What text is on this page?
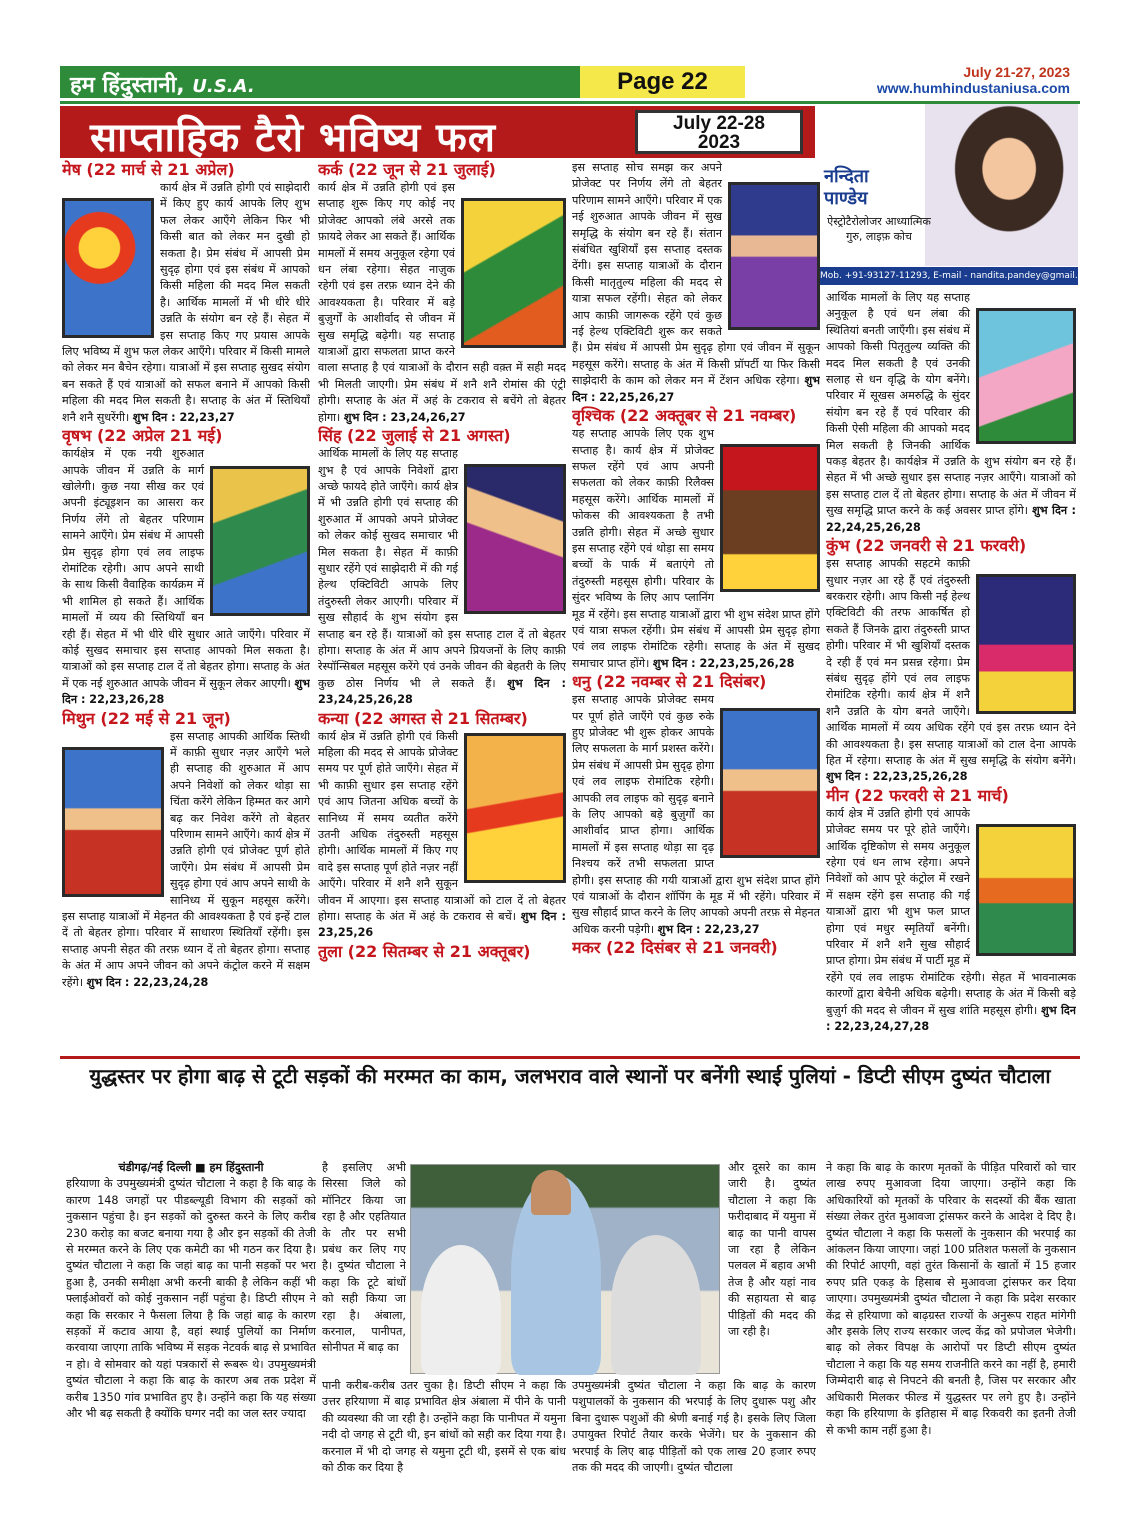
हम हिंदुस्तानी, U.S.A.	Page 22	July 21-27, 2023
www.humhindustaniusa.com
साप्ताहिक टैरो भविष्य फल	July 22-28
2023
नन्दिता
पाण्डेय
ऐस्ट्रोटैरोलोजर आध्यात्मिक गुरु, लाइफ़ कोच
Mob. +91-93127-11293, E-mail - nandita.pandey@gmail.com
मेष (22 मार्च से 21 अप्रेल)
कार्य क्षेत्र में उन्नति होगी एवं साझेदारी में किए हुए कार्य आपके लिए शुभ फल लेकर आएँगे लेकिन फिर भी किसी बात को लेकर मन दुखी हो सकता है। प्रेम संबंध में आपसी प्रेम सुदृढ़ होगा एवं इस संबंध में आपको किसी महिला की मदद मिल सकती है। आर्थिक मामलों में भी धीरे धीरे उन्नति के संयोग बन रहे हैं। सेहत में इस सप्ताह किए गए प्रयास आपके लिए भविष्य में शुभ फल लेकर आएँगे। परिवार में किसी मामले को लेकर मन बैचेन रहेगा। यात्राओं में इस सप्ताह सुखद संयोग बन सकते हैं एवं यात्राओं को सफल बनाने में आपको किसी महिला की मदद मिल सकती है। सप्ताह के अंत में स्तिथियाँ शनै शनै सुधरेंगी। शुभ दिन : 22,23,27
वृषभ (22 अप्रेल 21 मई)
कार्यक्षेत्र में एक नयी शुरुआत आपके जीवन में उन्नति के मार्ग खोलेगी। कुछ नया सीख कर एवं अपनी इंट्यूइशन का आसरा कर निर्णय लेंगे तो बेहतर परिणाम सामने आएँगे। प्रेम संबंध में आपसी प्रेम सुदृढ़ होगा एवं लव लाइफ रोमांटिक रहेगी। आप अपने साथी के साथ किसी वैवाहिक कार्यक्रम में भी शामिल हो सकते हैं। आर्थिक मामलों में व्यय की स्तिथियाँ बन रही हैं। सेहत में भी धीरे धीरे सुधार आते जाएँगे। परिवार में कोई सुखद समाचार इस सप्ताह आपको मिल सकता है। यात्राओं को इस सप्ताह टाल दें तो बेहतर होगा। सप्ताह के अंत में एक नई शुरुआत आपके जीवन में सुकून लेकर आएगी। शुभ दिन : 22,23,26,28
मिथुन (22 मई से 21 जून)
इस सप्ताह आपकी आर्थिक स्तिथी में काफ़ी सुधार नज़र आएँगे भले ही सप्ताह की शुरुआत में आप अपने निवेशों को लेकर थोड़ा सा चिंता करेंगे लेकिन हिम्मत कर आगे बढ़ कर निवेश करेंगे तो बेहतर परिणाम सामने आएँगे। कार्य क्षेत्र में उन्नति होगी एवं प्रोजेक्ट पूर्ण होते जाएँगे। प्रेम संबंध में आपसी प्रेम सुदृढ़ होगा एवं आप अपने साथी के सानिध्य में सुकून महसूस करेंगे। इस सप्ताह यात्राओं में मेहनत की आवश्यकता है एवं इन्हें टाल दें तो बेहतर होगा। परिवार में साधारण स्थितियाँ रहेंगी। इस सप्ताह अपनी सेहत की तरफ़ ध्यान दें तो बेहतर होगा। सप्ताह के अंत में आप अपने जीवन को अपने कंट्रोल करने में सक्षम रहेंगे। शुभ दिन : 22,23,24,28
कर्क (22 जून से 21 जुलाई)
कार्य क्षेत्र में उन्नति होगी एवं इस सप्ताह शुरू किए गए कोई नए प्रोजेक्ट आपको लंबे अरसे तक फ़ायदे लेकर आ सकते हैं। आर्थिक मामलों में समय अनुकूल रहेगा एवं धन लंबा रहेगा। सेहत नाज़ुक रहेगी एवं इस तरफ़ ध्यान देने की आवश्यकता है। परिवार में बड़े बुज़ुर्गों के आशीर्वाद से जीवन में सुख समृद्धि बढ़ेगी। यह सप्ताह यात्राओं द्वारा सफलता प्राप्त करने वाला सप्ताह है एवं यात्राओं के दौरान सही वक़्त में सही मदद भी मिलती जाएगी। प्रेम संबंध में शनै शनै रोमांस की एंट्री होगी। सप्ताह के अंत में अहं के टकराव से बचेंगे तो बेहतर होगा। शुभ दिन : 23,24,26,27
सिंह (22 जुलाई से 21 अगस्त)
आर्थिक मामलों के लिए यह सप्ताह शुभ है एवं आपके निवेशों द्वारा अच्छे फायदे होते जाएँगे। कार्य क्षेत्र में भी उन्नति होगी एवं सप्ताह की शुरुआत में आपको अपने प्रोजेक्ट को लेकर कोई सुखद समाचार भी मिल सकता है। सेहत में काफ़ी सुधार रहेंगे एवं साझेदारी में की गई हेल्थ एक्टिविटी आपके लिए तंदुरुस्ती लेकर आएगी। परिवार में सुख सौहार्द के शुभ संयोग इस सप्ताह बन रहे हैं। यात्राओं को इस सप्ताह टाल दें तो बेहतर होगा। सप्ताह के अंत में आप अपने प्रियजनों के लिए काफ़ी रेस्पॉन्सिबल महसूस करेंगे एवं उनके जीवन की बेहतरी के लिए कुछ ठोस निर्णय भी ले सकते हैं। शुभ दिन : 23,24,25,26,28
कन्या (22 अगस्त से 21 सितम्बर)
कार्य क्षेत्र में उन्नति होगी एवं किसी महिला की मदद से आपके प्रोजेक्ट समय पर पूर्ण होते जाएँगे। सेहत में भी काफ़ी सुधार इस सप्ताह रहेंगे एवं आप जितना अधिक बच्चों के सानिध्य में समय व्यतीत करेंगे उतनी अधिक तंदुरुस्ती महसूस होगी। आर्थिक मामलों में किए गए वादे इस सप्ताह पूर्ण होते नज़र नहीं आएँगे। परिवार में शनै शनै सुकून जीवन में आएगा। इस सप्ताह यात्राओं को टाल दें तो बेहतर होगा। सप्ताह के अंत में अहं के टकराव से बचें। शुभ दिन : 23,25,26
तुला (22 सितम्बर से 21 अक्तूबर)
इस सप्ताह सोच समझ कर अपने प्रोजेक्ट पर निर्णय लेंगे तो बेहतर परिणाम सामने आएँगे। परिवार में एक नई शुरुआत आपके जीवन में सुख समृद्धि के संयोग बन रहे हैं। संतान संबंधित खुशियाँ इस सप्ताह दस्तक देंगी। इस सप्ताह यात्राओं के दौरान किसी मातृतुल्य महिला की मदद से यात्रा सफल रहेंगी। सेहत को लेकर आप काफ़ी जागरूक रहेंगे एवं कुछ नई हेल्थ एक्टिविटी शुरू कर सकते हैं। प्रेम संबंध में आपसी प्रेम सुदृढ़ होगा एवं जीवन में सुकून महसूस करेंगे। सप्ताह के अंत में किसी प्रॉपर्टी या फिर किसी साझेदारी के काम को लेकर मन में टेंशन अधिक रहेगा। शुभ दिन : 22,25,26,27
वृश्चिक (22 अक्तूबर से 21 नवम्बर)
यह सप्ताह आपके लिए एक शुभ सप्ताह है। कार्य क्षेत्र में प्रोजेक्ट सफल रहेंगे एवं आप अपनी सफलता को लेकर काफ़ी रिलैक्स महसूस करेंगे। आर्थिक मामलों में फोकस की आवश्यकता है तभी उन्नति होगी। सेहत में अच्छे सुधार इस सप्ताह रहेंगे एवं थोड़ा सा समय बच्चों के पार्क में बताएंगे तो तंदुरुस्ती महसूस होगी। परिवार के सुंदर भविष्य के लिए आप प्लानिंग मूड में रहेंगे। इस सप्ताह यात्राओं द्वारा भी शुभ संदेश प्राप्त होंगे एवं यात्रा सफल रहेंगी। प्रेम संबंध में आपसी प्रेम सुदृढ़ होगा एवं लव लाइफ रोमांटिक रहेगी। सप्ताह के अंत में सुखद समाचार प्राप्त होंगे। शुभ दिन : 22,23,25,26,28
धनु (22 नवम्बर से 21 दिसंबर)
इस सप्ताह आपके प्रोजेक्ट समय पर पूर्ण होते जाएँगे एवं कुछ रुके हुए प्रोजेक्ट भी शुरू होकर आपके लिए सफलता के मार्ग प्रशस्त करेंगे। प्रेम संबंध में आपसी प्रेम सुदृढ़ होगा एवं लव लाइफ रोमांटिक रहेगी। आपकी लव लाइफ को सुदृढ़ बनाने के लिए आपको बड़े बुज़ुर्गों का आशीर्वाद प्राप्त होगा। आर्थिक मामलों में इस सप्ताह थोड़ा सा दृढ़ निश्चय करें तभी सफलता प्राप्त होगी। इस सप्ताह की गयी यात्राओं द्वारा शुभ संदेश प्राप्त होंगे एवं यात्राओं के दौरान शॉपिंग के मूड में भी रहेंगे। परिवार में सुख सौहार्द प्राप्त करने के लिए आपको अपनी तरफ़ से मेहनत अधिक करनी पड़ेगी। शुभ दिन : 22,23,27
मकर (22 दिसंबर से 21 जनवरी)
आर्थिक मामलों के लिए यह सप्ताह अनुकूल है एवं धन लंबा की स्थितियां बनती जाएँगी। इस संबंध में आपको किसी पितृतुल्य व्यक्ति की मदद मिल सकती है एवं उनकी सलाह से धन वृद्धि के योग बनेंगे। परिवार में सूखस अमरुद्धि के सुंदर संयोग बन रहे हैं एवं परिवार की किसी ऐसी महिला की आपको मदद मिल सकती है जिनकी आर्थिक पकड़ बेहतर है। कार्यक्षेत्र में उन्नति के शुभ संयोग बन रहे हैं। सेहत में भी अच्छे सुधार इस सप्ताह नज़र आएँगे। यात्राओं को इस सप्ताह टाल दें तो बेहतर होगा। सप्ताह के अंत में जीवन में सुख समृद्धि प्राप्त करने के कई अवसर प्राप्त होंगे। शुभ दिन : 22,24,25,26,28
कुंभ (22 जनवरी से 21 फरवरी)
इस सप्ताह आपकी सहटमे काफ़ी सुधार नज़र आ रहे हैं एवं तंदुरुस्ती बरकरार रहेगी। आप किसी नई हेल्थ एक्टिविटी की तरफ आकर्षित हो सकते हैं जिनके द्वारा तंदुरुस्ती प्राप्त होगी। परिवार में भी खुशियाँ दस्तक दे रही हैं एवं मन प्रसन्न रहेगा। प्रेम संबंध सुदृढ़ होंगे एवं लव लाइफ रोमांटिक रहेगी। कार्य क्षेत्र में शनै शनै उन्नति के योग बनते जाएँगे। आर्थिक मामलों में व्यय अधिक रहेंगे एवं इस तरफ़ ध्यान देने की आवश्यकता है। इस सप्ताह यात्राओं को टाल देना आपके हित में रहेगा। सप्ताह के अंत में सुख समृद्धि के संयोग बनेंगे। शुभ दिन : 22,23,25,26,28
मीन (22 फरवरी से 21 मार्च)
कार्य क्षेत्र में उन्नति होगी एवं आपके प्रोजेक्ट समय पर पूरे होते जाएँगे। आर्थिक दृष्टिकोण से समय अनुकूल रहेगा एवं धन लाभ रहेगा। अपने निवेशों को आप पूरे कंट्रोल में रखने में सक्षम रहेंगे इस सप्ताह की गई यात्राओं द्वारा भी शुभ फल प्राप्त होगा एवं मधुर स्मृतियाँ बनेंगी। परिवार में शनै शनै सुख सौहार्द प्राप्त होगा। प्रेम संबंध में पार्टी मूड में रहेंगे एवं लव लाइफ रोमांटिक रहेगी। सेहत में भावनात्मक कारणों द्वारा बेचैनी अधिक बढ़ेगी। सप्ताह के अंत में किसी बड़े बुज़ुर्ग की मदद से जीवन में सुख शांति महसूस होगी। शुभ दिन : 22,23,24,27,28
युद्धस्तर पर होगा बाढ़ से टूटी सड़कों की मरम्मत का काम, जलभराव वाले स्थानों पर बनेंगी स्थाई पुलियां - डिप्टी सीएम दुष्यंत चौटाला
चंडीगढ़/नई दिल्ली ■ हम हिंदुस्तानी
हरियाणा के उपमुख्यमंत्री दुष्यंत चौटाला ने कहा है कि बाढ़ के कारण 148 जगहों पर पीडब्ल्यूडी विभाग की सड़कों को नुकसान पहुंचा है। इन सड़कों को दुरुस्त करने के लिए करीब 230 करोड़ का बजट बनाया गया है और इन सड़कों की तेजी से मरम्मत करने के लिए एक कमेटी का भी गठन कर दिया है। दुष्यंत चौटाला ने कहा कि जहां बाढ़ का पानी सड़कों पर भरा हुआ है, उनकी समीक्षा अभी करनी बाकी है लेकिन कहीं भी फ्लाईओवरों को कोई नुकसान नहीं पहुंचा है। डिप्टी सीएम ने कहा कि सरकार ने फैसला लिया है कि जहां बाढ़ के कारण सड़कों में कटाव आया है, वहां स्थाई पुलियों का निर्माण करवाया जाएगा ताकि भविष्य में सड़क नेटवर्क बाढ़ से प्रभावित न हो। वे सोमवार को यहां पत्रकारों से रूबरू थे। उपमुख्यमंत्री दुष्यंत चौटाला ने कहा कि बाढ़ के कारण अब तक प्रदेश में करीब 1350 गांव प्रभावित हुए है। उन्होंने कहा कि यह संख्या और भी बढ़ सकती है क्योंकि घग्गर नदी का जल स्तर ज्यादा
है इसलिए अभी सिरसा जिले को मॉनिटर किया जा रहा है और एहतियात के तौर पर सभी प्रबंध कर लिए गए है। दुष्यंत चौटाला ने कहा कि टूटे बांधों को सही किया जा रहा है। अंबाला, करनाल, पानीपत, सोनीपत में बाढ़ का
पानी करीब-करीब उतर चुका है। डिप्टी सीएम ने कहा कि उत्तर हरियाणा में बाढ़ प्रभावित क्षेत्र अंबाला में पीने के पानी की व्यवस्था की जा रही है। उन्होंने कहा कि पानीपत में यमुना नदी दो जगह से टूटी थी, इन बांधों को सही कर दिया गया है। करनाल में भी दो जगह से यमुना टूटी थी, इसमें से एक बांध को ठीक कर दिया है
और दूसरे का काम जारी है। दुष्यंत चौटाला ने कहा कि फरीदाबाद में यमुना में बाढ़ का पानी वापस जा रहा है लेकिन पलवल में बहाव अभी तेज है और यहां नाव की सहायता से बाढ़ पीड़ितों की मदद की जा रही है।
उपमुख्यमंत्री दुष्यंत चौटाला ने कहा कि बाढ़ के कारण पशुपालकों के नुकसान की भरपाई के लिए दुधारू पशु और बिना दुधारू पशुओं की श्रेणी बनाई गई है। इसके लिए जिला उपायुक्त रिपोर्ट तैयार करके भेजेंगे। घर के नुकसान की भरपाई के लिए बाढ़ पीड़ितों को एक लाख 20 हजार रुपए तक की मदद की जाएगी। दुष्यंत चौटाला
ने कहा कि बाढ़ के कारण मृतकों के पीड़ित परिवारों को चार लाख रुपए मुआवजा दिया जाएगा। उन्होंने कहा कि अधिकारियों को मृतकों के परिवार के सदस्यों की बैंक खाता संख्या लेकर तुरंत मुआवजा ट्रांसफर करने के आदेश दे दिए है। दुष्यंत चौटाला ने कहा कि फसलों के नुकसान की भरपाई का आंकलन किया जाएगा। जहां 100 प्रतिशत फसलों के नुकसान की रिपोर्ट आएगी, वहां तुरंत किसानों के खातों में 15 हजार रुपए प्रति एकड़ के हिसाब से मुआवजा ट्रांसफर कर दिया जाएगा। उपमुख्यमंत्री दुष्यंत चौटाला ने कहा कि प्रदेश सरकार केंद्र से हरियाणा को बाढ़ग्रस्त राज्यों के अनुरूप राहत मांगेगी और इसके लिए राज्य सरकार जल्द केंद्र को प्रपोजल भेजेगी। बाढ़ को लेकर विपक्ष के आरोपों पर डिप्टी सीएम दुष्यंत चौटाला ने कहा कि यह समय राजनीति करने का नहीं है, हमारी जिम्मेदारी बाढ़ से निपटने की बनती है, जिस पर सरकार और अधिकारी मिलकर फील्ड में युद्धस्तर पर लगे हुए है। उन्होंने कहा कि हरियाणा के इतिहास में बाढ़ रिकवरी का इतनी तेजी से कभी काम नहीं हुआ है।
